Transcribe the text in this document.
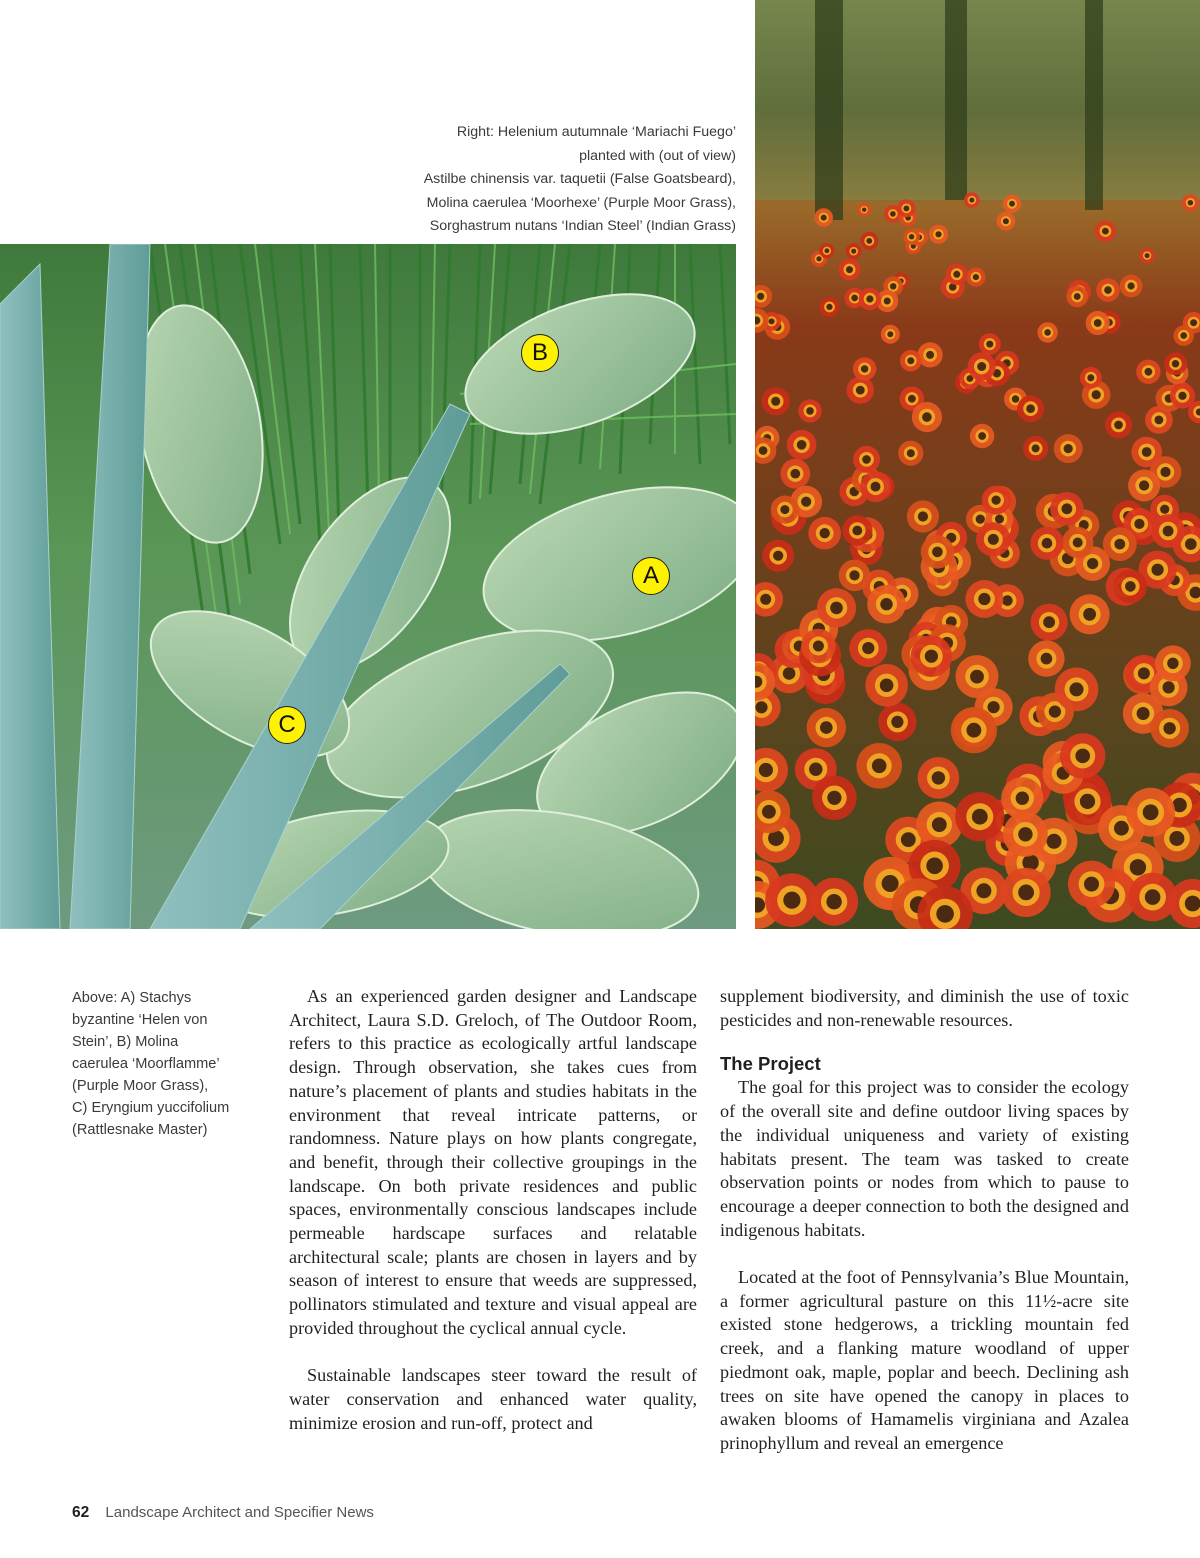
Right: Helenium autumnale ‘Mariachi Fuego’
planted with (out of view)
Astilbe chinensis var. taquetii (False Goatsbeard),
Molina caerulea ‘Moorhexe’ (Purple Moor Grass),
Sorghastrum nutans ‘Indian Steel’ (Indian Grass)
B
A
C
Above: A) Stachys
byzantine ‘Helen von
Stein’, B) Molina
caerulea ‘Moorflamme’
(Purple Moor Grass),
C) Eryngium yuccifolium
(Rattlesnake Master)

As an experienced garden designer and Landscape Architect, Laura S.D. Greloch, of The Outdoor Room, refers to this practice as ecologically artful landscape design. Through observation, she takes cues from nature’s placement of plants and studies habitats in the environment that reveal intricate patterns, or randomness. Nature plays on how plants congregate, and benefit, through their collective groupings in the landscape. On both private residences and public spaces, environmentally conscious landscapes include permeable hardscape surfaces and relatable architectural scale; plants are chosen in layers and by season of interest to ensure that weeds are suppressed, pollinators stimulated and texture and visual appeal are provided throughout the cyclical annual cycle.

Sustainable landscapes steer toward the result of water conservation and enhanced water quality, minimize erosion and run-off, protect and

supplement biodiversity, and diminish the use of toxic pesticides and non-renewable resources.

The Project

The goal for this project was to consider the ecology of the overall site and define outdoor living spaces by the individual uniqueness and variety of existing habitats present. The team was tasked to create observation points or nodes from which to pause to encourage a deeper connection to both the designed and indigenous habitats.

Located at the foot of Pennsylvania’s Blue Mountain, a former agricultural pasture on this 11½-acre site existed stone hedgerows, a trickling mountain fed creek, and a flanking mature woodland of upper piedmont oak, maple, poplar and beech. Declining ash trees on site have opened the canopy in places to awaken blooms of Hamamelis virginiana and Azalea prinophyllum and reveal an emergence

62 Landscape Architect and Specifier News
